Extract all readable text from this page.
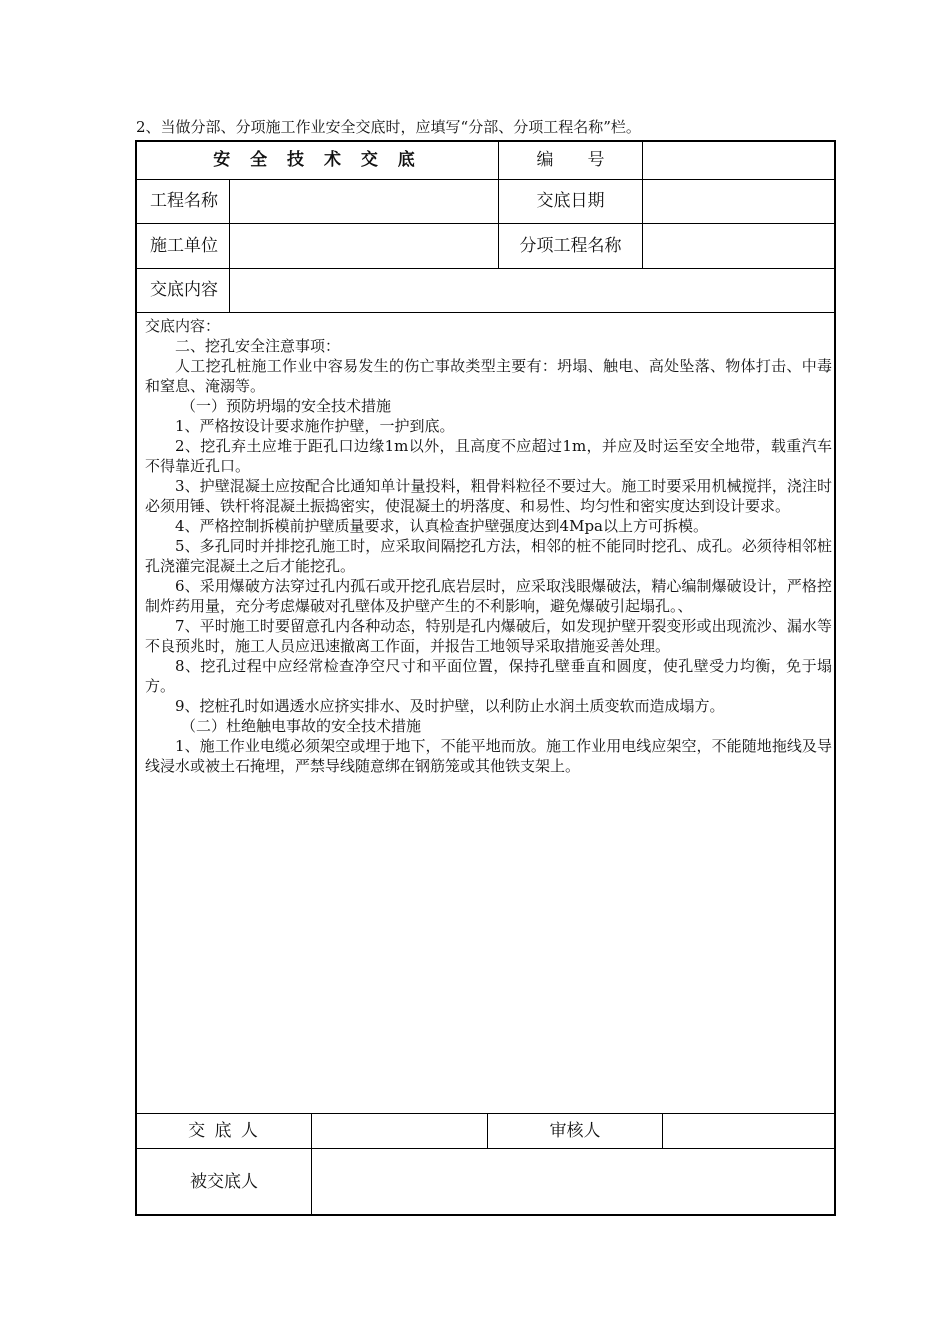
2、当做分部、分项施工作业安全交底时，应填写“分部、分项工程名称”栏。
安 全 技 术 交 底	编　　号
工程名称	交底日期
施工单位	分项工程名称
交底内容

交底内容：

二、挖孔安全注意事项：

人工挖孔桩施工作业中容易发生的伤亡事故类型主要有：坍塌、触电、高处坠落、物体打击、中毒和窒息、淹溺等。

（一）预防坍塌的安全技术措施

1、严格按设计要求施作护壁，一护到底。

2、挖孔弃土应堆于距孔口边缘1m以外，且高度不应超过1m，并应及时运至安全地带，载重汽车不得靠近孔口。

3、护壁混凝土应按配合比通知单计量投料，粗骨料粒径不要过大。施工时要采用机械搅拌，浇注时必须用锤、铁杆将混凝土振捣密实，使混凝土的坍落度、和易性、均匀性和密实度达到设计要求。

4、严格控制拆模前护壁质量要求，认真检查护壁强度达到4Mpa以上方可拆模。

5、多孔同时并排挖孔施工时，应采取间隔挖孔方法，相邻的桩不能同时挖孔、成孔。必须待相邻桩孔浇灌完混凝土之后才能挖孔。

6、采用爆破方法穿过孔内孤石或开挖孔底岩层时，应采取浅眼爆破法，精心编制爆破设计，严格控制炸药用量，充分考虑爆破对孔壁体及护壁产生的不利影响，避免爆破引起塌孔。、

7、平时施工时要留意孔内各种动态，特别是孔内爆破后，如发现护壁开裂变形或出现流沙、漏水等不良预兆时，施工人员应迅速撤离工作面，并报告工地领导采取措施妥善处理。

8、挖孔过程中应经常检查净空尺寸和平面位置，保持孔壁垂直和圆度，使孔壁受力均衡，免于塌方。

9、挖桩孔时如遇透水应挤实排水、及时护壁，以利防止水润土质变软而造成塌方。

（二）杜绝触电事故的安全技术措施

1、施工作业电缆必须架空或埋于地下，不能平地而放。施工作业用电线应架空，不能随地拖线及导线浸水或被土石掩埋，严禁导线随意绑在钢筋笼或其他铁支架上。

交 底 人	审核人
被交底人
